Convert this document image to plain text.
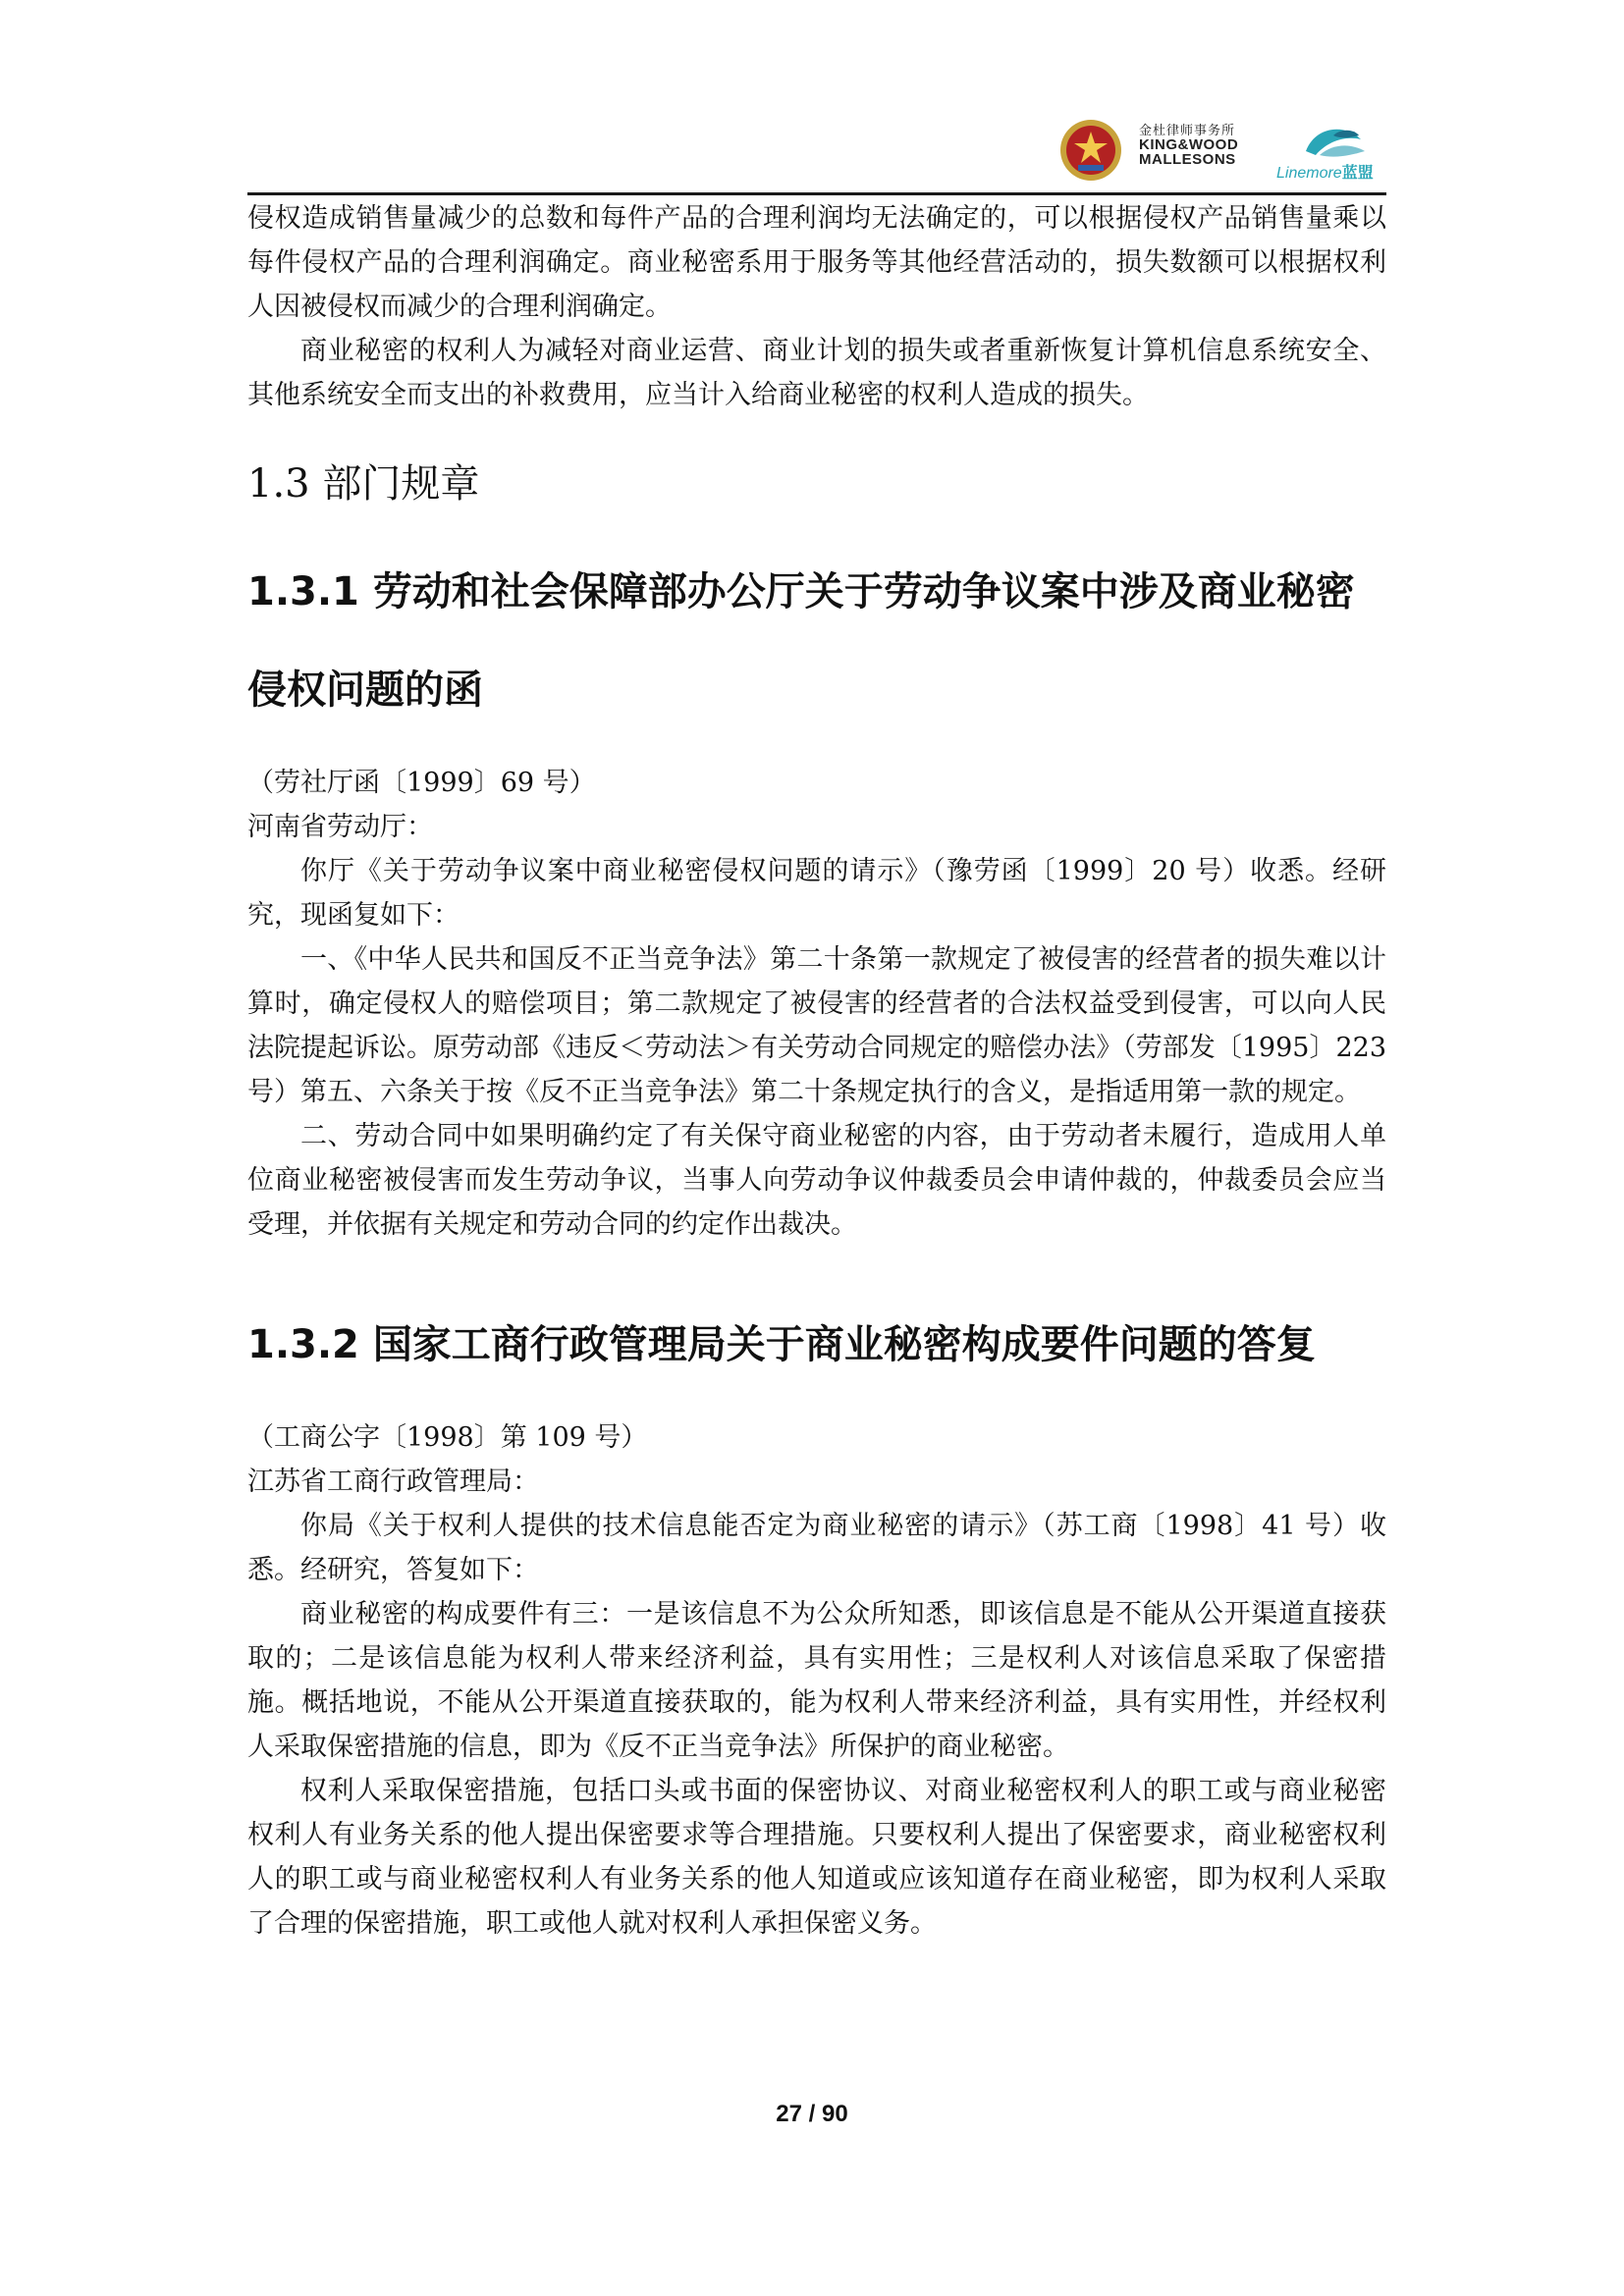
金杜律师事务所
KING&WOOD
MALLESONS
Linemore蓝盟

侵权造成销售量减少的总数和每件产品的合理利润均无法确定的，可以根据侵权产品销售量乘以每件侵权产品的合理利润确定。商业秘密系用于服务等其他经营活动的，损失数额可以根据权利人因被侵权而减少的合理利润确定。

商业秘密的权利人为减轻对商业运营、商业计划的损失或者重新恢复计算机信息系统安全、其他系统安全而支出的补救费用，应当计入给商业秘密的权利人造成的损失。

1.3 部门规章
1.3.1 劳动和社会保障部办公厅关于劳动争议案中涉及商业秘密侵权问题的函

（劳社厅函〔1999〕69 号）

河南省劳动厅：

你厅《关于劳动争议案中商业秘密侵权问题的请示》（豫劳函〔1999〕20 号）收悉。经研究，现函复如下：

一、《中华人民共和国反不正当竞争法》第二十条第一款规定了被侵害的经营者的损失难以计算时，确定侵权人的赔偿项目；第二款规定了被侵害的经营者的合法权益受到侵害，可以向人民法院提起诉讼。原劳动部《违反＜劳动法＞有关劳动合同规定的赔偿办法》（劳部发〔1995〕223 号）第五、六条关于按《反不正当竞争法》第二十条规定执行的含义，是指适用第一款的规定。

二、劳动合同中如果明确约定了有关保守商业秘密的内容，由于劳动者未履行，造成用人单位商业秘密被侵害而发生劳动争议，当事人向劳动争议仲裁委员会申请仲裁的，仲裁委员会应当受理，并依据有关规定和劳动合同的约定作出裁决。

1.3.2 国家工商行政管理局关于商业秘密构成要件问题的答复

（工商公字〔1998〕第 109 号）

江苏省工商行政管理局：

你局《关于权利人提供的技术信息能否定为商业秘密的请示》（苏工商〔1998〕41 号）收悉。经研究，答复如下：

商业秘密的构成要件有三：一是该信息不为公众所知悉，即该信息是不能从公开渠道直接获取的；二是该信息能为权利人带来经济利益，具有实用性；三是权利人对该信息采取了保密措施。概括地说，不能从公开渠道直接获取的，能为权利人带来经济利益，具有实用性，并经权利人采取保密措施的信息，即为《反不正当竞争法》所保护的商业秘密。

权利人采取保密措施，包括口头或书面的保密协议、对商业秘密权利人的职工或与商业秘密权利人有业务关系的他人提出保密要求等合理措施。只要权利人提出了保密要求，商业秘密权利人的职工或与商业秘密权利人有业务关系的他人知道或应该知道存在商业秘密，即为权利人采取了合理的保密措施，职工或他人就对权利人承担保密义务。

27 / 90
